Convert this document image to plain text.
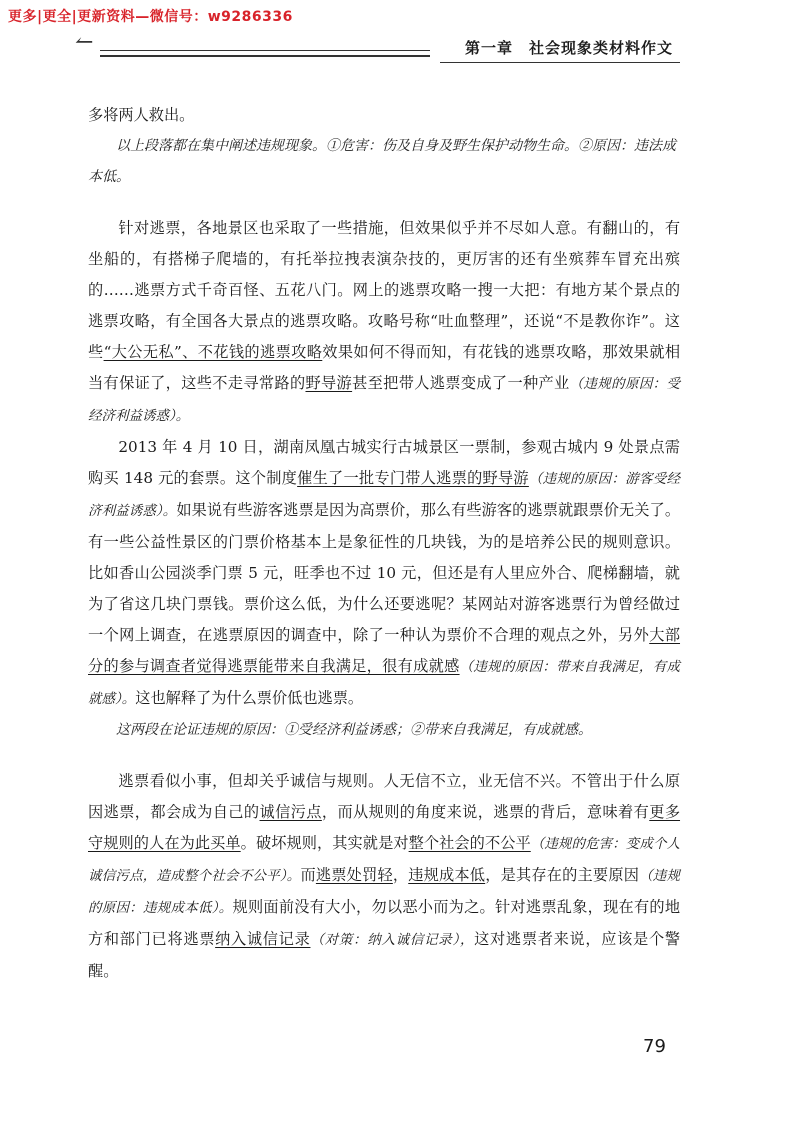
更多|更全|更新资料—微信号：w9286336
↼	第一章　社会现象类材料作文

多将两人救出。

以上段落都在集中阐述违规现象。①危害：伤及自身及野生保护动物生命。②原因：违法成本低。

针对逃票，各地景区也采取了一些措施，但效果似乎并不尽如人意。有翻山的，有坐船的，有搭梯子爬墙的，有托举拉拽表演杂技的，更厉害的还有坐殡葬车冒充出殡的……逃票方式千奇百怪、五花八门。网上的逃票攻略一搜一大把：有地方某个景点的逃票攻略，有全国各大景点的逃票攻略。攻略号称“吐血整理”，还说“不是教你诈”。这些“大公无私”、不花钱的逃票攻略效果如何不得而知，有花钱的逃票攻略，那效果就相当有保证了，这些不走寻常路的野导游甚至把带人逃票变成了一种产业（违规的原因：受经济利益诱惑）。

2013 年 4 月 10 日，湖南凤凰古城实行古城景区一票制，参观古城内 9 处景点需购买 148 元的套票。这个制度催生了一批专门带人逃票的野导游（违规的原因：游客受经济利益诱惑）。如果说有些游客逃票是因为高票价，那么有些游客的逃票就跟票价无关了。有一些公益性景区的门票价格基本上是象征性的几块钱，为的是培养公民的规则意识。比如香山公园淡季门票 5 元，旺季也不过 10 元，但还是有人里应外合、爬梯翻墙，就为了省这几块门票钱。票价这么低，为什么还要逃呢？某网站对游客逃票行为曾经做过一个网上调查，在逃票原因的调查中，除了一种认为票价不合理的观点之外，另外大部分的参与调查者觉得逃票能带来自我满足，很有成就感（违规的原因：带来自我满足，有成就感）。这也解释了为什么票价低也逃票。

这两段在论证违规的原因：①受经济利益诱惑；②带来自我满足，有成就感。

逃票看似小事，但却关乎诚信与规则。人无信不立，业无信不兴。不管出于什么原因逃票，都会成为自己的诚信污点，而从规则的角度来说，逃票的背后，意味着有更多守规则的人在为此买单。破坏规则，其实就是对整个社会的不公平（违规的危害：变成个人诚信污点，造成整个社会不公平）。而逃票处罚轻，违规成本低，是其存在的主要原因（违规的原因：违规成本低）。规则面前没有大小，勿以恶小而为之。针对逃票乱象，现在有的地方和部门已将逃票纳入诚信记录（对策：纳入诚信记录），这对逃票者来说，应该是个警醒。

79
